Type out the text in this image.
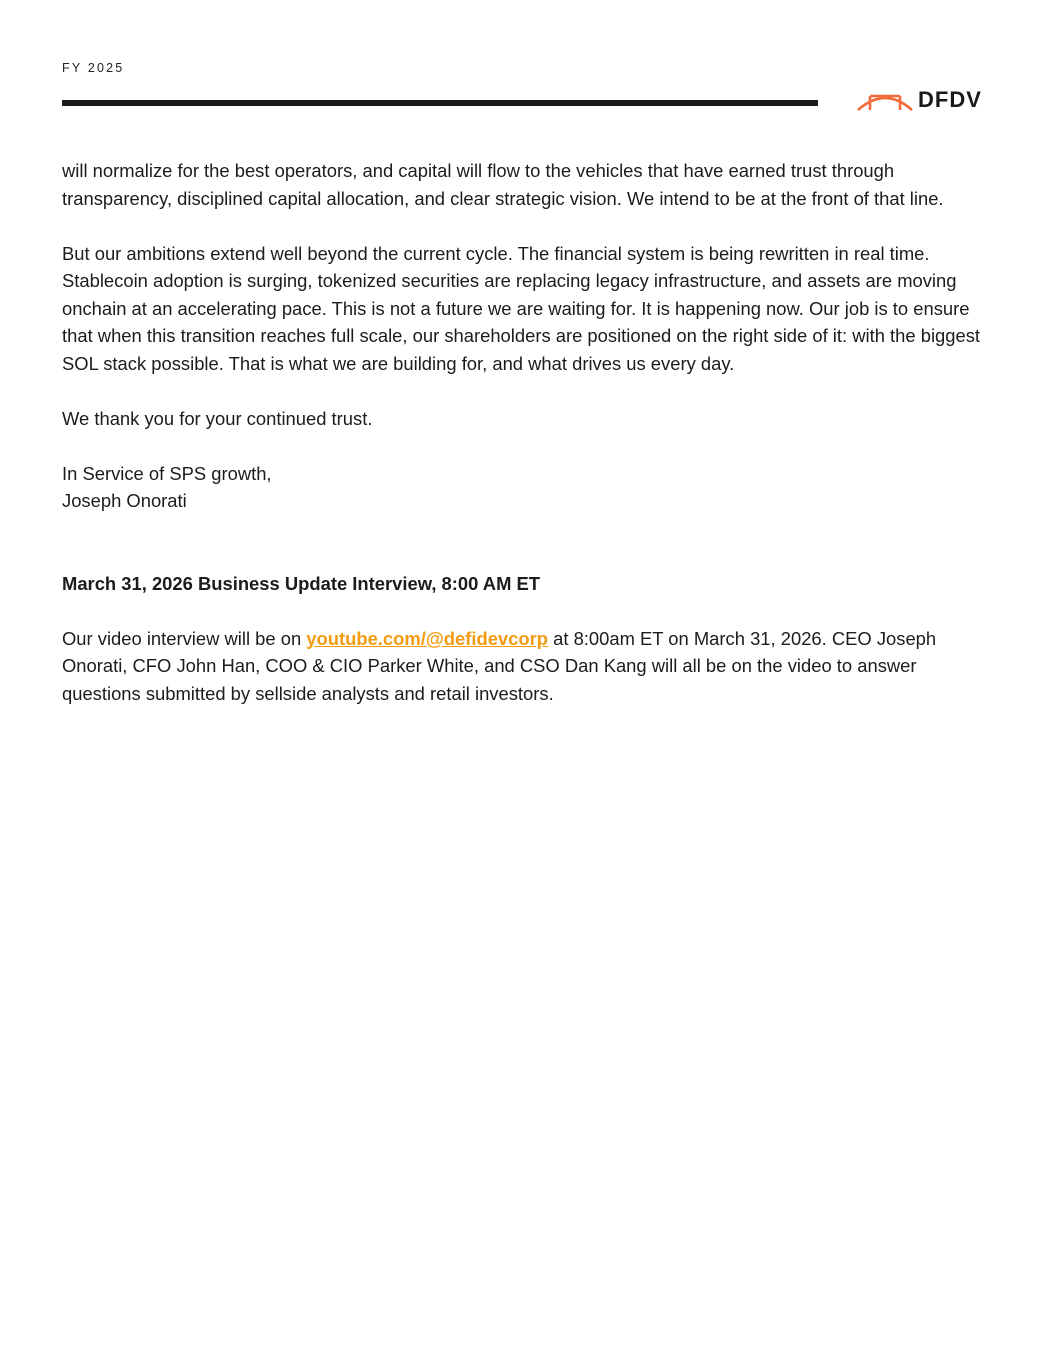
FY 2025
DFDV

will normalize for the best operators, and capital will flow to the vehicles that have earned trust through transparency, disciplined capital allocation, and clear strategic vision. We intend to be at the front of that line.

But our ambitions extend well beyond the current cycle. The financial system is being rewritten in real time. Stablecoin adoption is surging, tokenized securities are replacing legacy infrastructure, and assets are moving onchain at an accelerating pace. This is not a future we are waiting for. It is happening now. Our job is to ensure that when this transition reaches full scale, our shareholders are positioned on the right side of it: with the biggest SOL stack possible. That is what we are building for, and what drives us every day.

We thank you for your continued trust.

In Service of SPS growth,

Joseph Onorati

March 31, 2026 Business Update Interview, 8:00 AM ET

Our video interview will be on youtube.com/@defidevcorp at 8:00am ET on March 31, 2026. CEO Joseph Onorati, CFO John Han, COO & CIO Parker White, and CSO Dan Kang will all be on the video to answer questions submitted by sellside analysts and retail investors.
